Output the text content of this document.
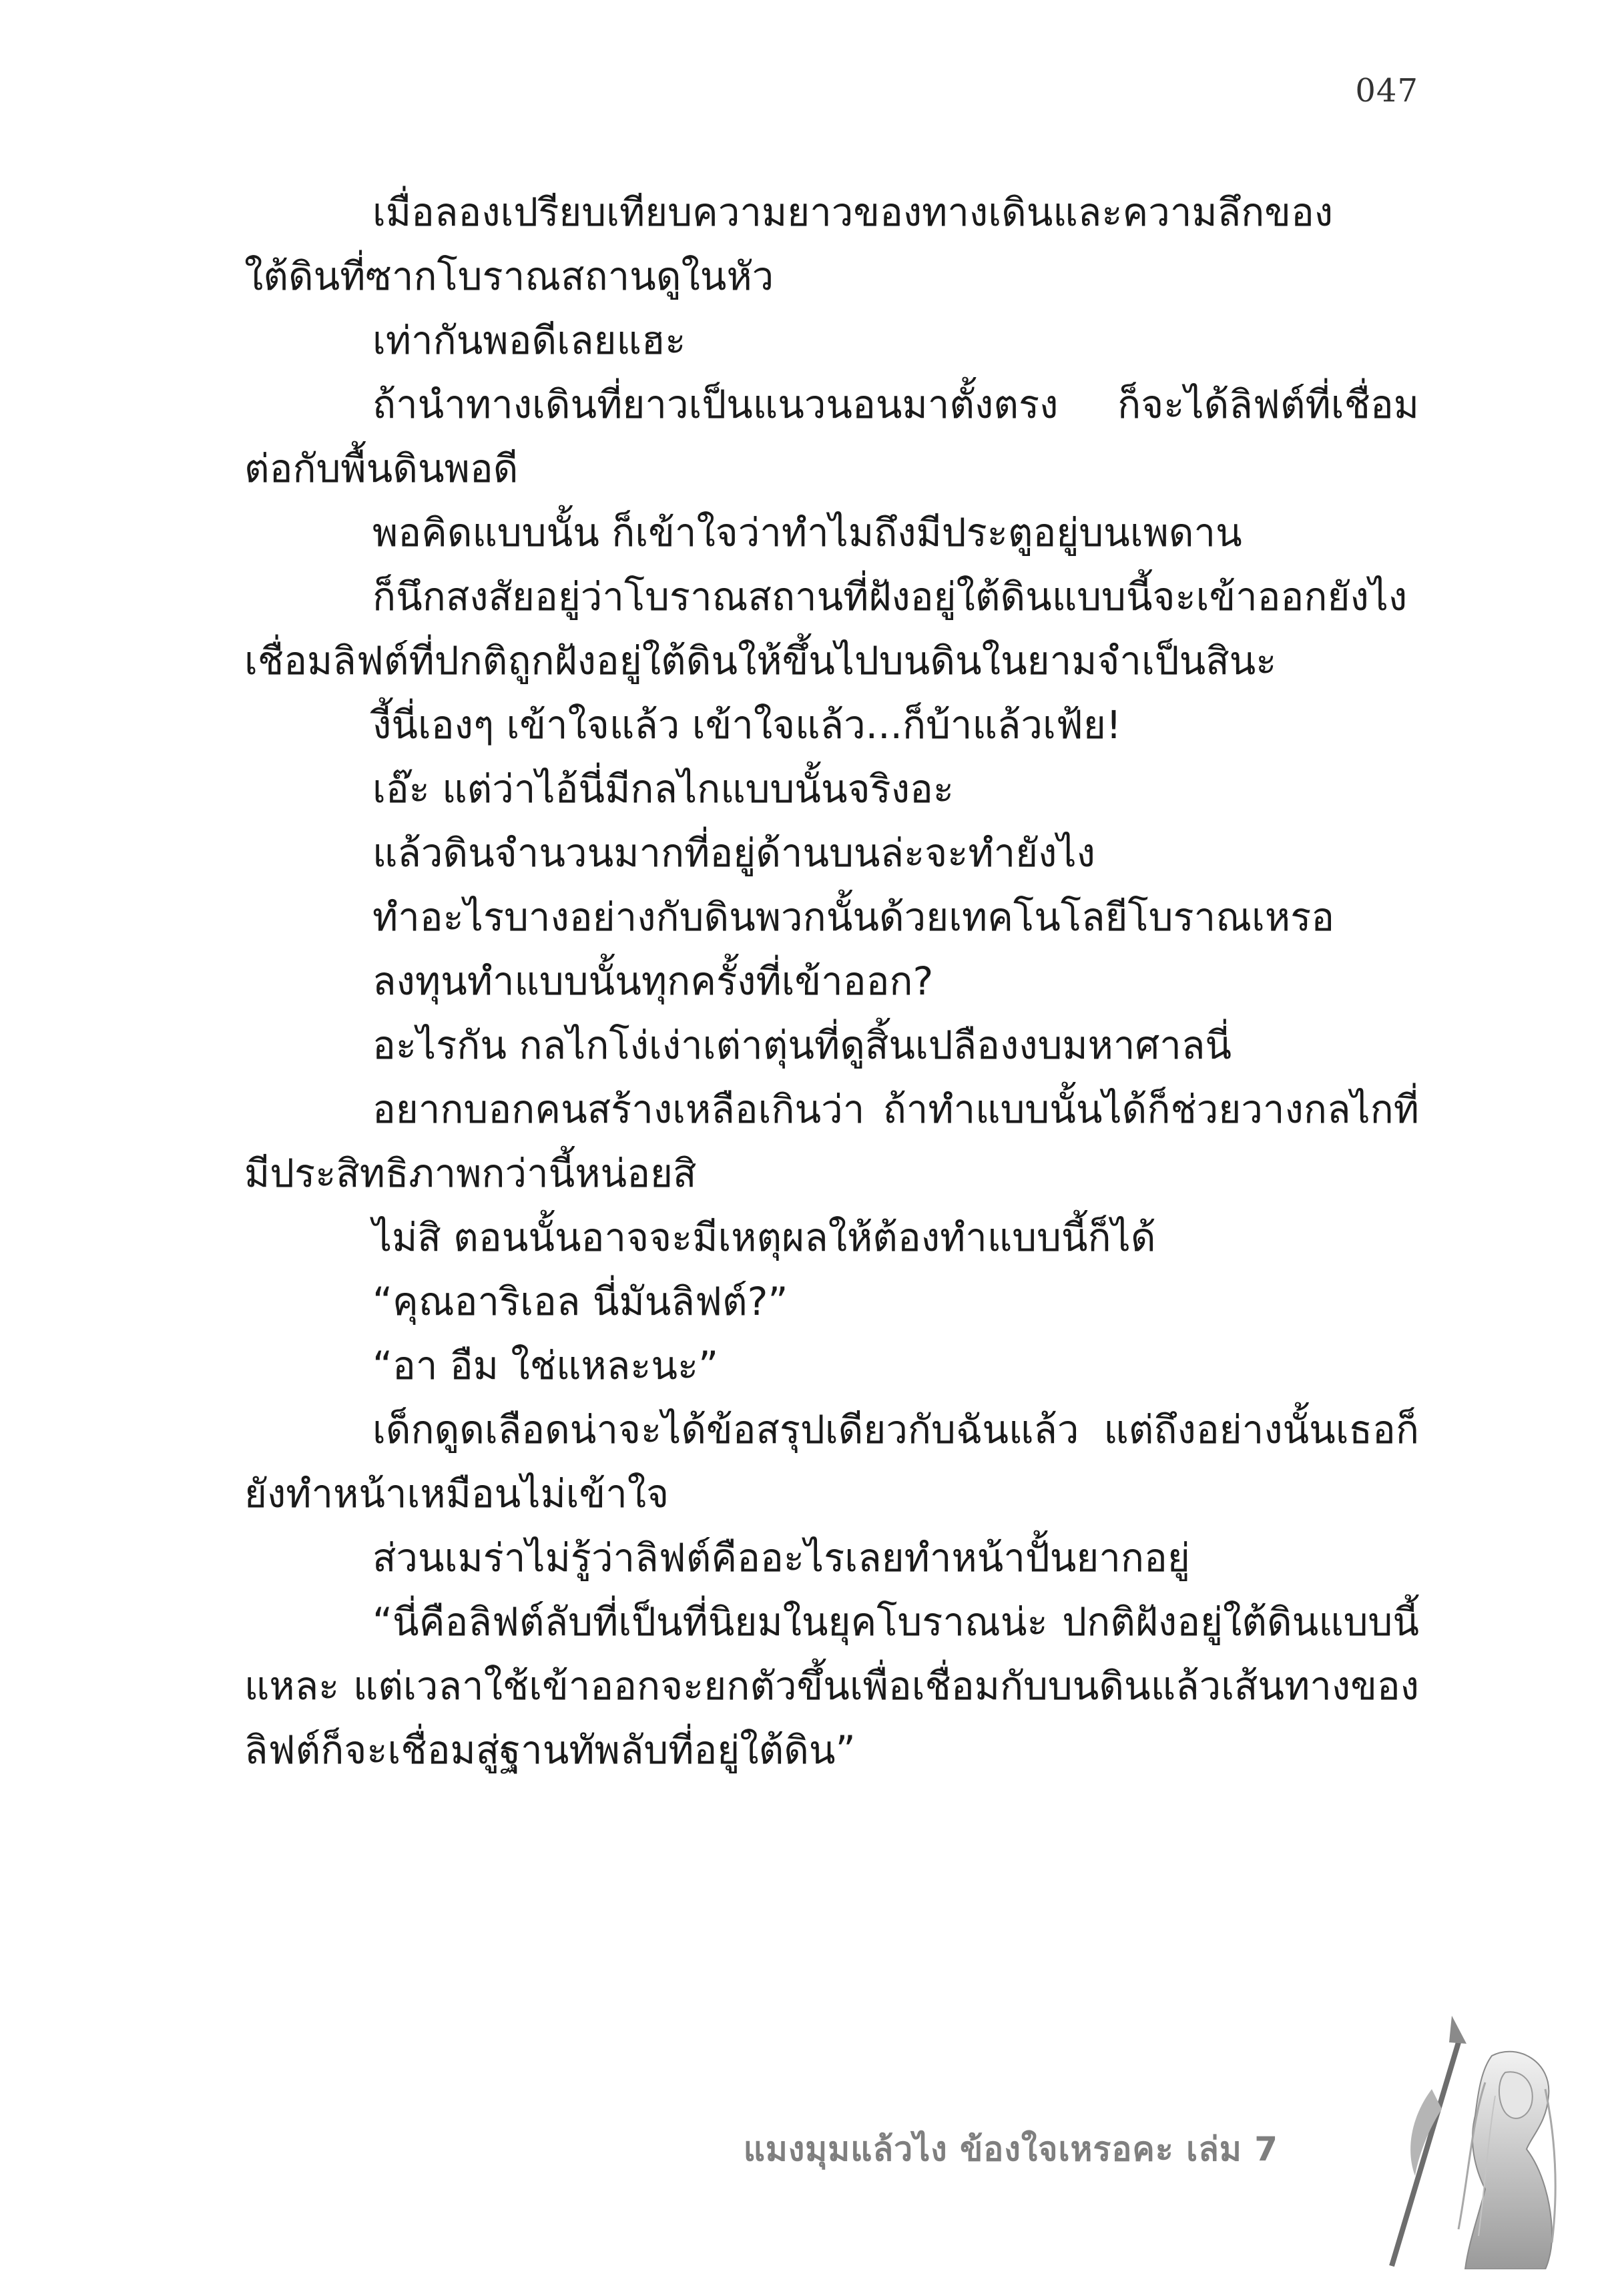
047

เมื่อลองเปรียบเทียบความยาวของทางเดินและความลึกของใต้ดินที่ซากโบราณสถานดูในหัว

เท่ากันพอดีเลยแฮะ

ถ้านำทางเดินที่ยาวเป็นแนวนอนมาตั้งตรง ก็จะได้ลิฟต์ที่เชื่อมต่อกับพื้นดินพอดี

พอคิดแบบนั้น ก็เข้าใจว่าทำไมถึงมีประตูอยู่บนเพดาน

ก็นึกสงสัยอยู่ว่าโบราณสถานที่ฝังอยู่ใต้ดินแบบนี้จะเข้าออกยังไง เชื่อมลิฟต์ที่ปกติถูกฝังอยู่ใต้ดินให้ขึ้นไปบนดินในยามจำเป็นสินะ

งี้นี่เองๆ เข้าใจแล้ว เข้าใจแล้ว...ก็บ้าแล้วเฟ้ย!

เอ๊ะ แต่ว่าไอ้นี่มีกลไกแบบนั้นจริงอะ

แล้วดินจำนวนมากที่อยู่ด้านบนล่ะจะทำยังไง

ทำอะไรบางอย่างกับดินพวกนั้นด้วยเทคโนโลยีโบราณเหรอ

ลงทุนทำแบบนั้นทุกครั้งที่เข้าออก?

อะไรกัน กลไกโง่เง่าเต่าตุ่นที่ดูสิ้นเปลืองงบมหาศาลนี่

อยากบอกคนสร้างเหลือเกินว่า ถ้าทำแบบนั้นได้ก็ช่วยวางกลไกที่มีประสิทธิภาพกว่านี้หน่อยสิ

ไม่สิ ตอนนั้นอาจจะมีเหตุผลให้ต้องทำแบบนี้ก็ได้

“คุณอาริเอล นี่มันลิฟต์?”

“อา อืม ใช่แหละนะ”

เด็กดูดเลือดน่าจะได้ข้อสรุปเดียวกับฉันแล้ว แต่ถึงอย่างนั้นเธอก็ยังทำหน้าเหมือนไม่เข้าใจ

ส่วนเมร่าไม่รู้ว่าลิฟต์คืออะไรเลยทำหน้าปั้นยากอยู่

“นี่คือลิฟต์ลับที่เป็นที่นิยมในยุคโบราณน่ะ ปกติฝังอยู่ใต้ดินแบบนี้แหละ แต่เวลาใช้เข้าออกจะยกตัวขึ้นเพื่อเชื่อมกับบนดินแล้วเส้นทางของลิฟต์ก็จะเชื่อมสู่ฐานทัพลับที่อยู่ใต้ดิน”

แมงมุมแล้วไง ข้องใจเหรอคะ เล่ม 7
